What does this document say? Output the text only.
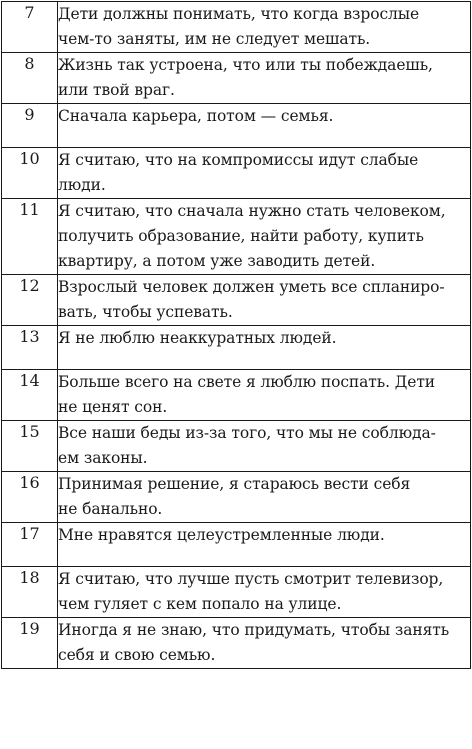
7	Дети должны понимать, что когда взрослые
чем-то заняты, им не следует мешать.
8	Жизнь так устроена, что или ты побеждаешь,
или твой враг.
9	Сначала карьера, потом — семья.
10	Я считаю, что на компромиссы идут слабые
люди.
11	Я считаю, что сначала нужно стать человеком,
получить образование, найти работу, купить
квартиру, а потом уже заводить детей.
12	Взрослый человек должен уметь все спланиро-
вать, чтобы успевать.
13	Я не люблю неаккуратных людей.
14	Больше всего на свете я люблю поспать. Дети
не ценят сон.
15	Все наши беды из-за того, что мы не соблюда-
ем законы.
16	Принимая решение, я стараюсь вести себя
не банально.
17	Мне нравятся целеустремленные люди.
18	Я считаю, что лучше пусть смотрит телевизор,
чем гуляет с кем попало на улице.
19	Иногда я не знаю, что придумать, чтобы занять
себя и свою семью.
